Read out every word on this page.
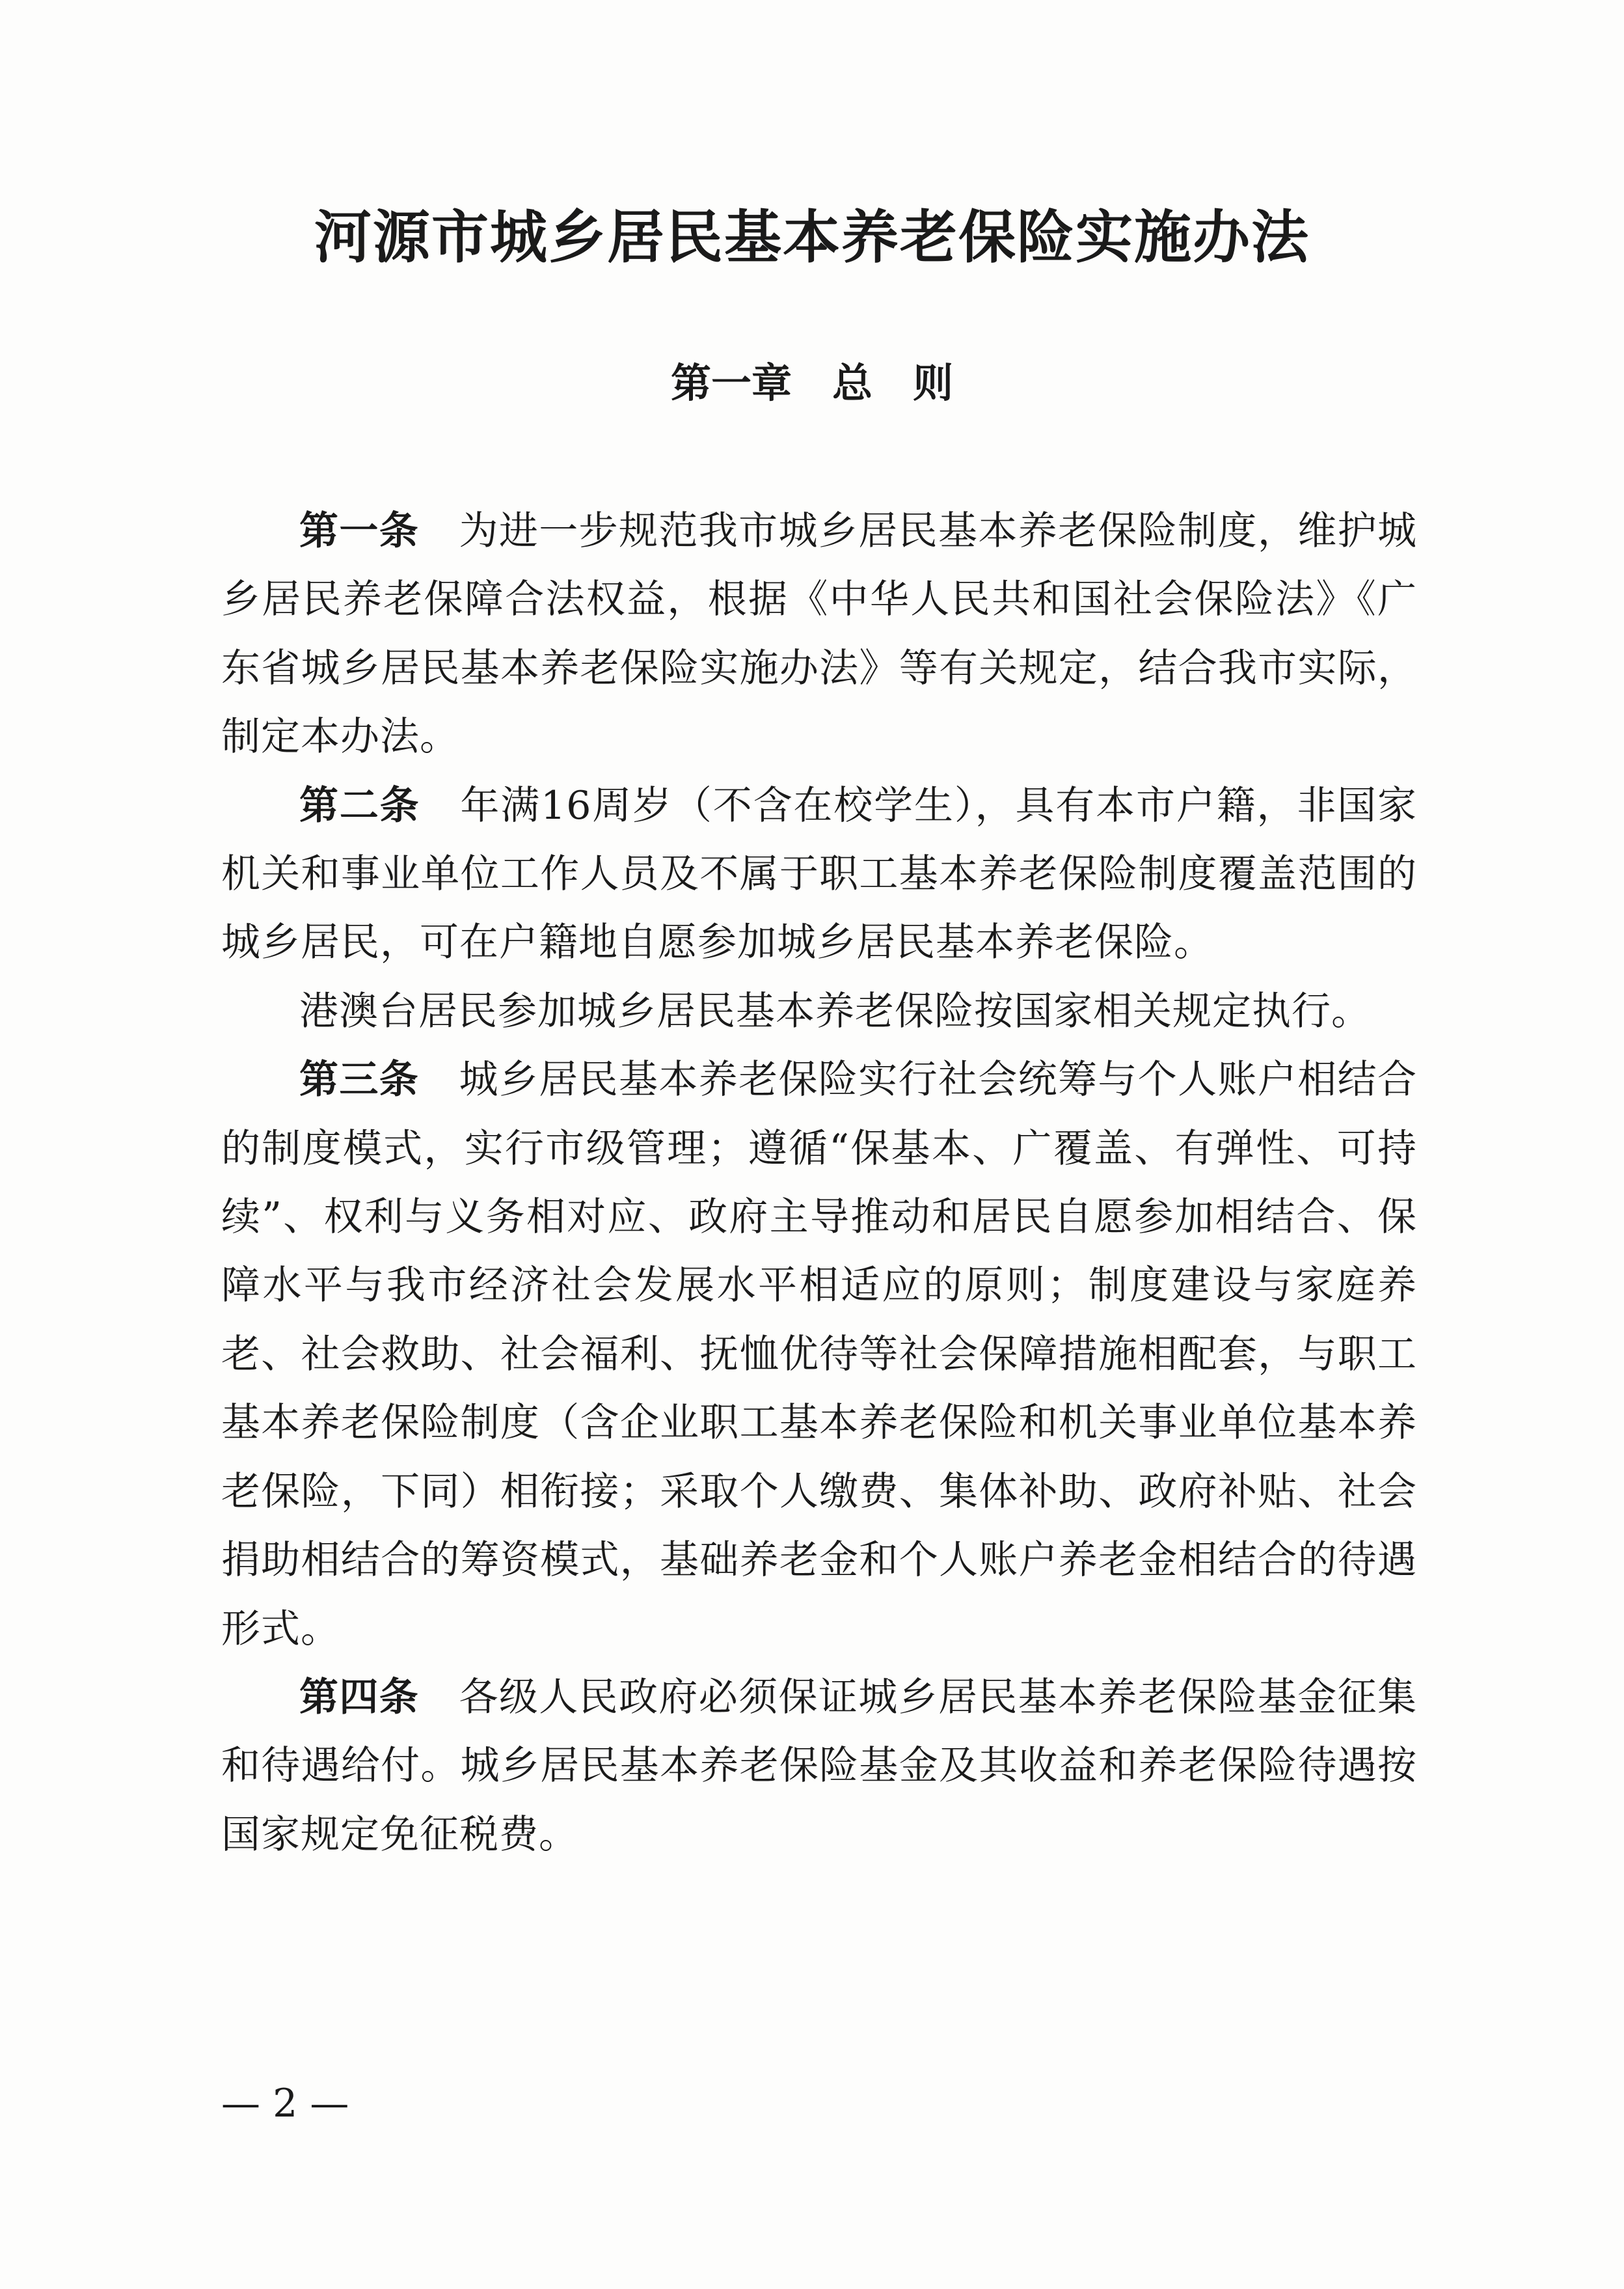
河源市城乡居民基本养老保险实施办法
第一章　总　则

第一条　 为进一步规范我市城乡居民基本养老保险制度，维护城乡居民养老保障合法权益，根据《中华人民共和国社会保险法》《广东省城乡居民基本养老保险实施办法》等有关规定，结合我市实际，制定本办法。

第二条　 年满16周岁（不含在校学生），具有本市户籍，非国家机关和事业单位工作人员及不属于职工基本养老保险制度覆盖范围的城乡居民，可在户籍地自愿参加城乡居民基本养老保险。

港澳台居民参加城乡居民基本养老保险按国家相关规定执行。

第三条　 城乡居民基本养老保险实行社会统筹与个人账户相结合的制度模式，实行市级管理；遵循“保基本、广覆盖、有弹性、可持续”、权利与义务相对应、政府主导推动和居民自愿参加相结合、保障水平与我市经济社会发展水平相适应的原则；制度建设与家庭养老、社会救助、社会福利、抚恤优待等社会保障措施相配套，与职工基本养老保险制度（含企业职工基本养老保险和机关事业单位基本养老保险，下同）相衔接；采取个人缴费、集体补助、政府补贴、社会捐助相结合的筹资模式，基础养老金和个人账户养老金相结合的待遇形式。

第四条　 各级人民政府必须保证城乡居民基本养老保险基金征集和待遇给付。城乡居民基本养老保险基金及其收益和养老保险待遇按国家规定免征税费。

— 2 —
